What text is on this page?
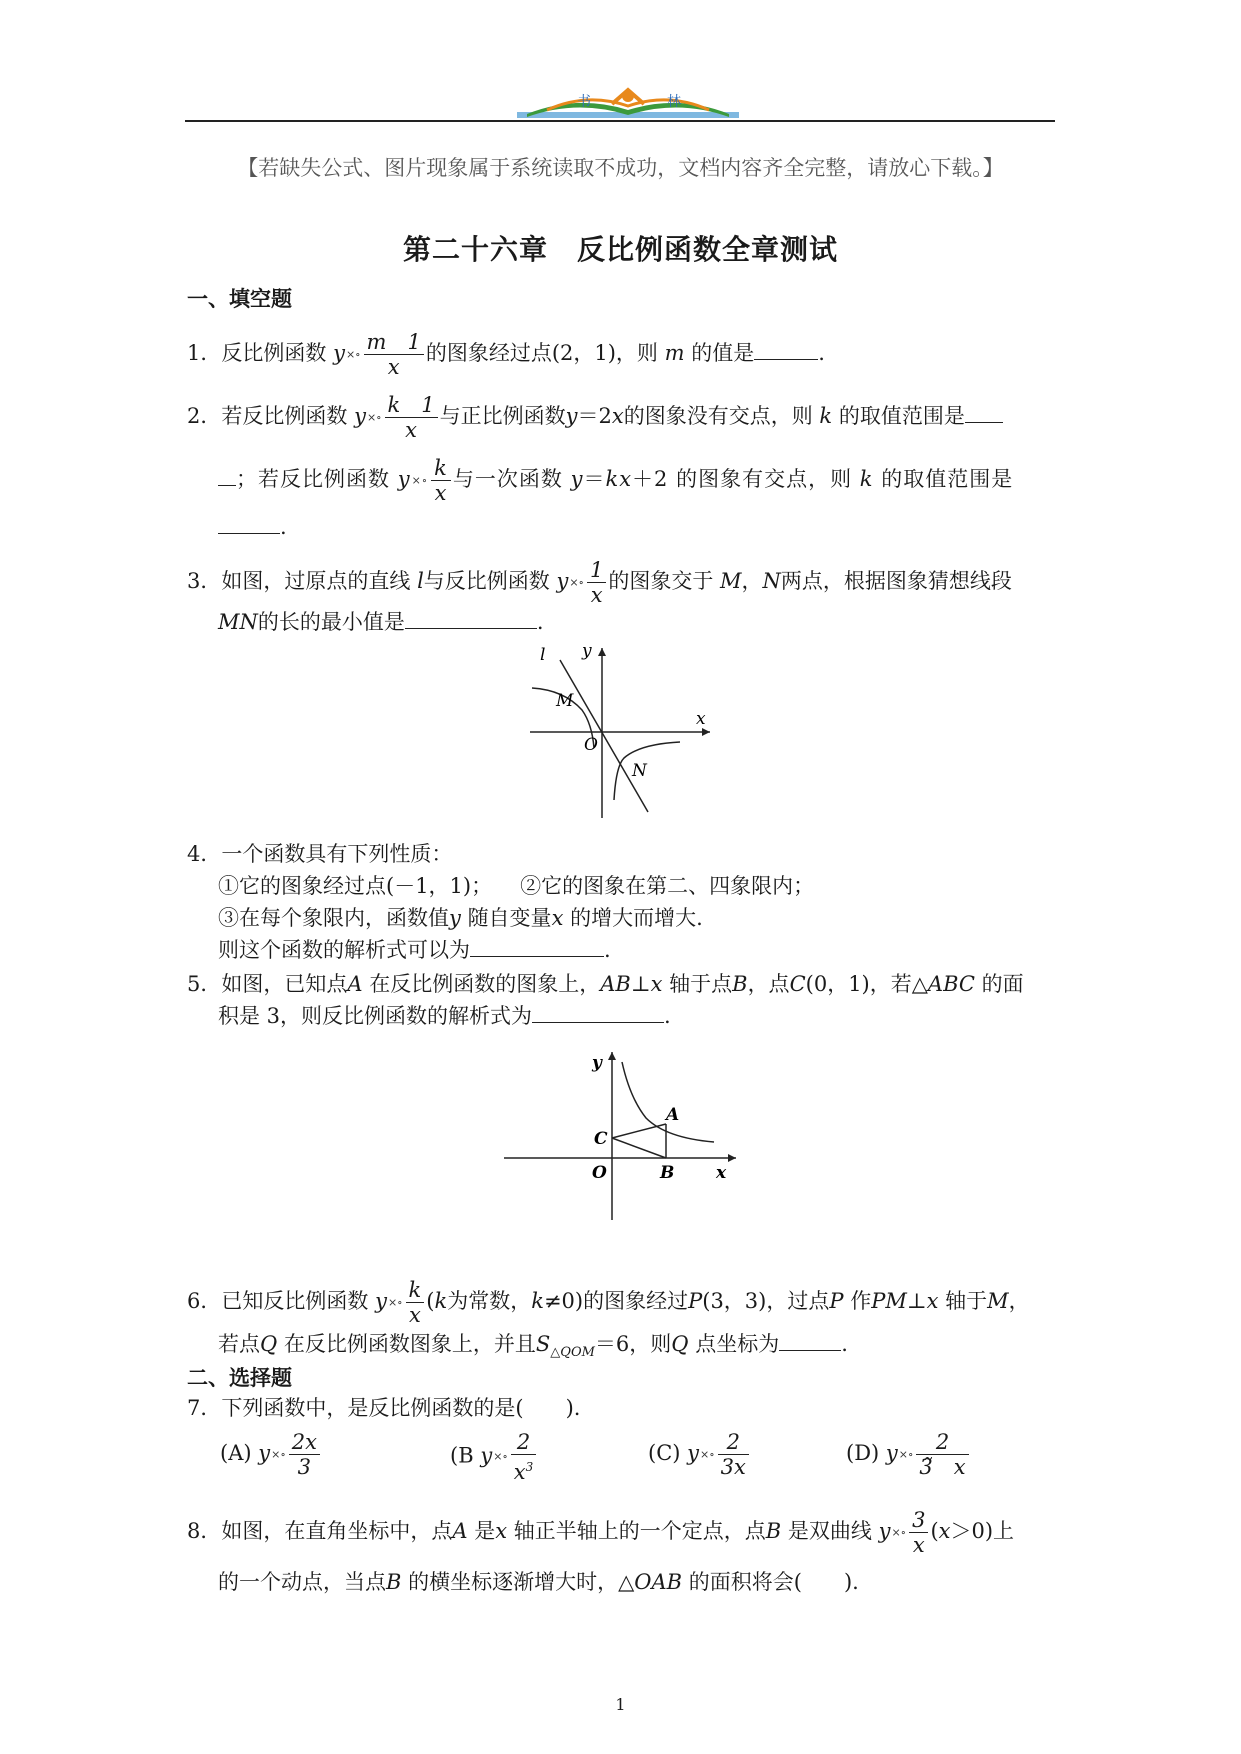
书	林
【若缺失公式、图片现象属于系统读取不成功，文档内容齐全完整，请放心下载。】
第二十六章　反比例函数全章测试
一、填空题
1．反比例函数 y×∘ $\frac{m 1}{x}$ 的图象经过点(2，1)，则 m 的值是	.
2．若反比例函数 y×∘ $\frac{k 1}{x}$ 与正比例函数y＝2x的图象没有交点，则 k 的取值范围是
；若反比例函数 y×∘ $\frac{k}{x}$ 与一次函数 y＝kx＋2 的图象有交点，则 k 的取值范围是
.
3．如图，过原点的直线 l与反比例函数 y×∘ $\frac{1}{x}$ 的图象交于 M，N两点，根据图象猜想线段
MN的长的最小值是	.
l y
x
O
M
N
4．一个函数具有下列性质：
①它的图象经过点(－1，1)； ②它的图象在第二、四象限内；
③在每个象限内，函数值y 随自变量x 的增大而增大.
则这个函数的解析式可以为	.
5．如图，已知点A 在反比例函数的图象上，AB⊥x 轴于点B，点C(0，1)，若△ABC 的面
积是 3，则反比例函数的解析式为	.
y
x
O
A
B
C
6．已知反比例函数 y×∘ $\frac{k}{x} (k$为常数，k≠0)的图象经过P(3，3)，过点P 作PM⊥x 轴于M，
若点Q 在反比例函数图象上，并且$S_{\triangle QOM}=6$，则Q 点坐标为	.
二、选择题
7．下列函数中，是反比例函数的是(　　).
(A) y×∘ $\frac{2x}{3}$	(B y×∘ $\frac{2}{x^3}$	(C) y×∘ $\frac{2}{3x}$	(D) y×∘ $\frac{2}{3̃ x}$
8．如图，在直角坐标中，点A 是x 轴正半轴上的一个定点，点B 是双曲线 y×∘ $\frac{3}{x} (x>0)$上
的一个动点，当点B 的横坐标逐渐增大时，△OAB 的面积将会(　　).
1
